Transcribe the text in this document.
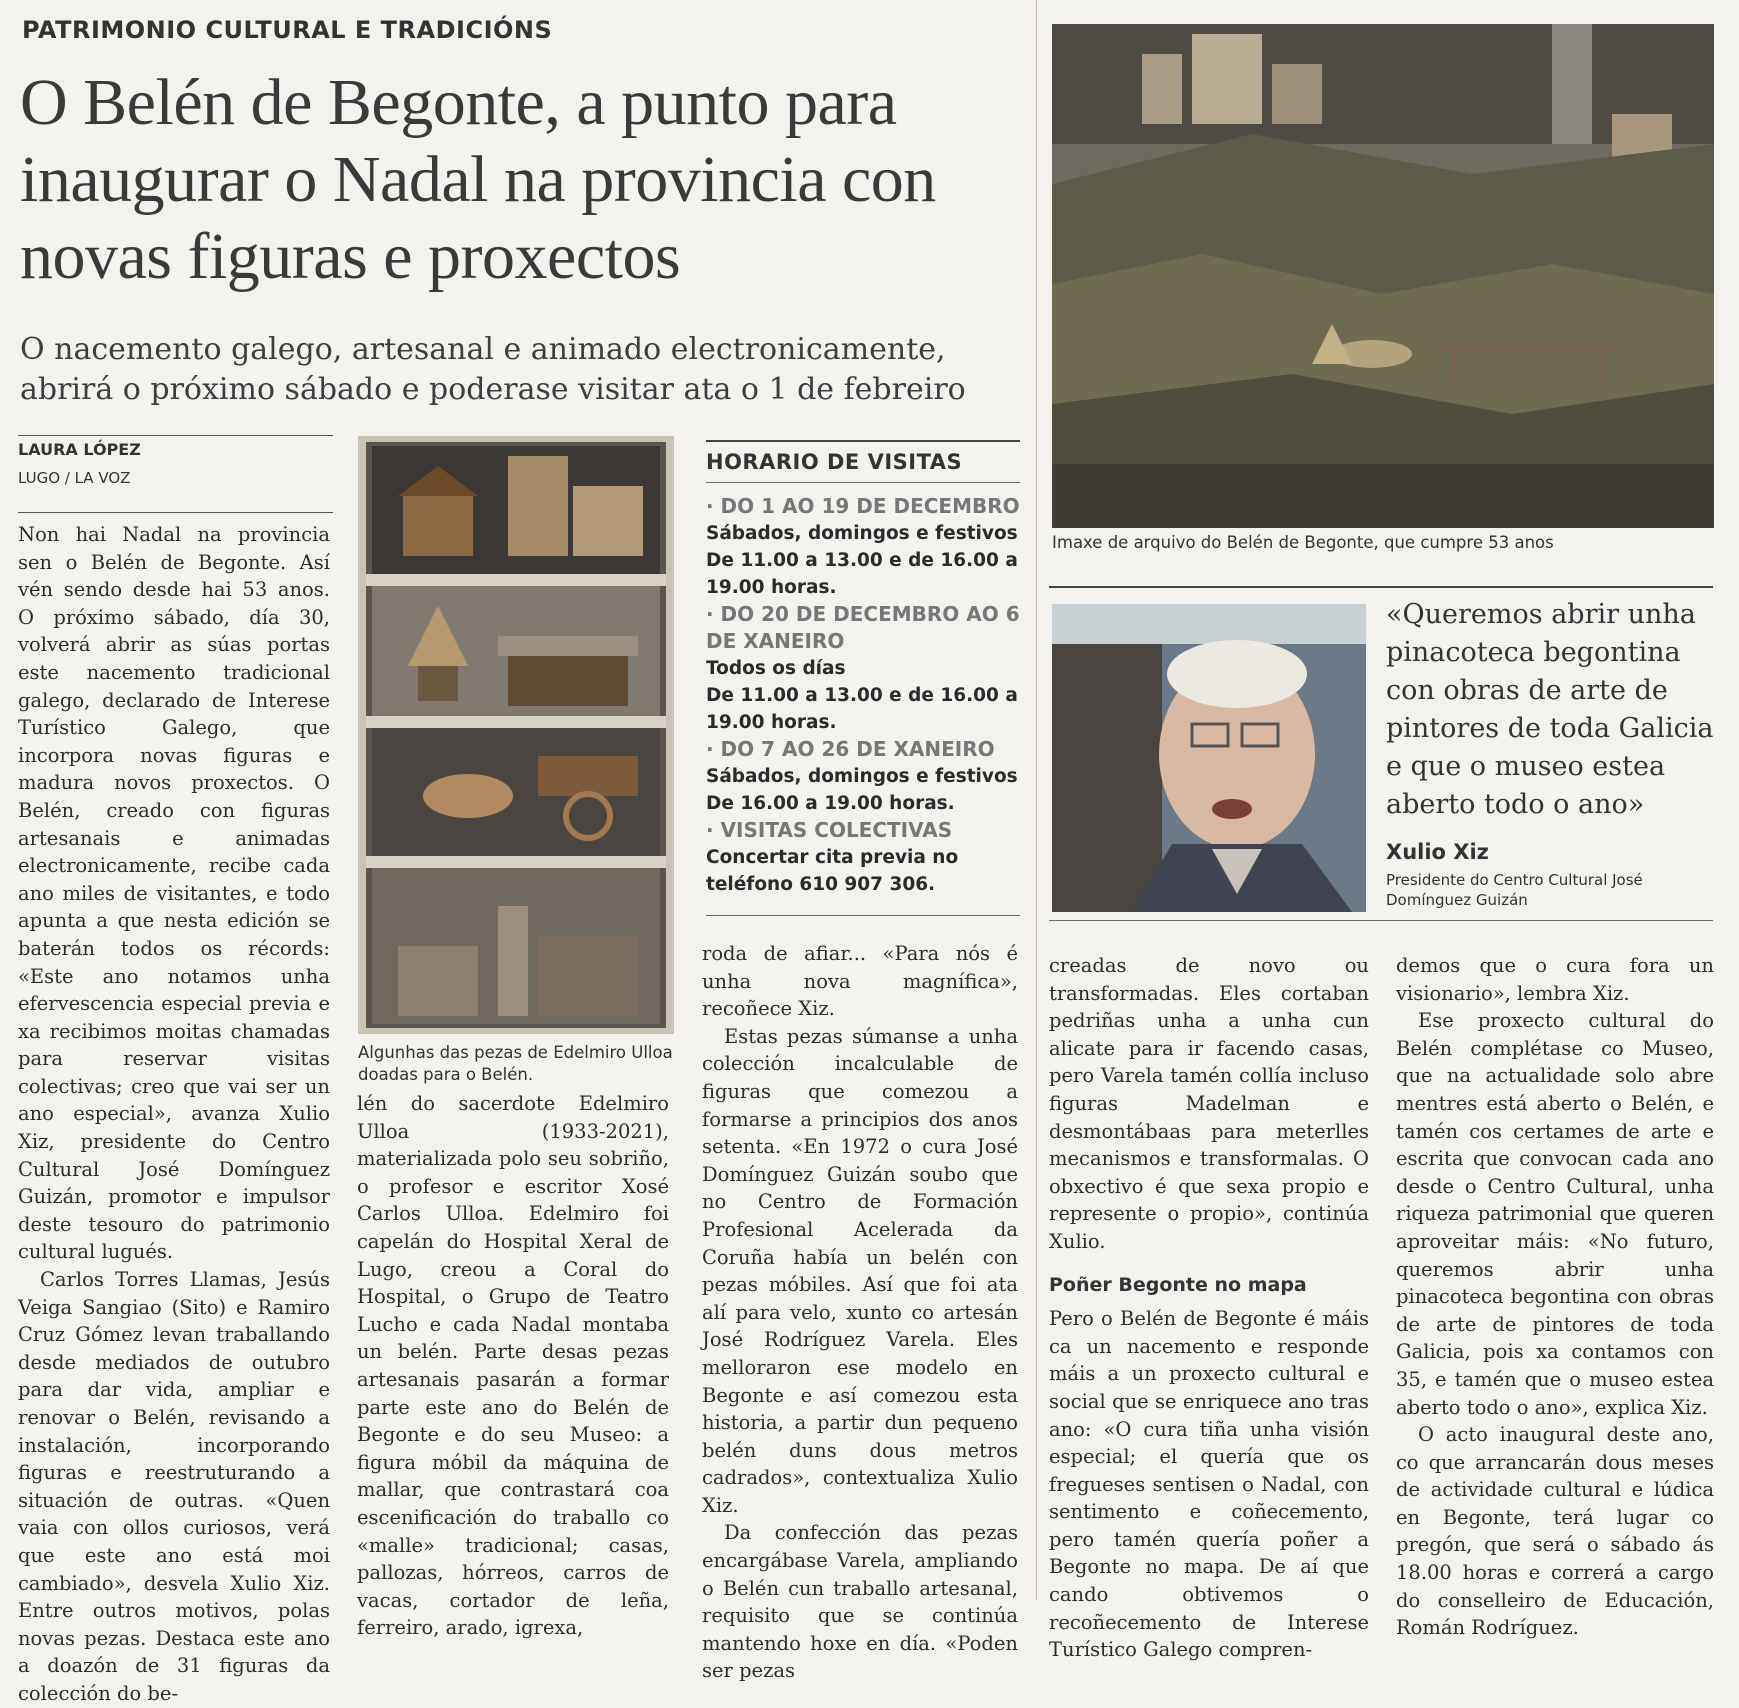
PATRIMONIO CULTURAL E TRADICIÓNS
O Belén de Begonte, a punto para inaugurar o Nadal na provincia con novas figuras e proxectos
O nacemento galego, artesanal e animado electronicamente, abrirá o próximo sábado e poderase visitar ata o 1 de febreiro
LAURA LÓPEZ
LUGO / LA VOZ

Non hai Nadal na provincia sen o Belén de Begonte. Así vén sendo desde hai 53 anos. O próximo sábado, día 30, volverá abrir as súas portas este nacemento tradicional galego, declarado de Interese Turístico Galego, que incorpora novas figuras e madura novos proxectos. O Belén, creado con figuras artesanais e animadas electronicamente, recibe cada ano miles de visitantes, e todo apunta a que nesta edición se baterán todos os récords: «Este ano notamos unha efervescencia especial previa e xa recibimos moitas chamadas para reservar visitas colectivas; creo que vai ser un ano especial», avanza Xulio Xiz, presidente do Centro Cultural José Domínguez Guizán, promotor e impulsor deste tesouro do patrimonio cultural lugués.

Carlos Torres Llamas, Jesús Veiga Sangiao (Sito) e Ramiro Cruz Gómez levan traballando desde mediados de outubro para dar vida, ampliar e renovar o Belén, revisando a instalación, incorporando figuras e reestruturando a situación de outras. «Quen vaia con ollos curiosos, verá que este ano está moi cambiado», desvela Xulio Xiz. Entre outros motivos, polas novas pezas. Destaca este ano a doazón de 31 figuras da colección do be-

Algunhas das pezas de Edelmiro Ulloa doadas para o Belén.
HORARIO DE VISITAS
· DO 1 AO 19 DE DECEMBRO
Sábados, domingos e festivos
De 11.00 a 13.00 e de 16.00 a 19.00 horas.
· DO 20 DE DECEMBRO AO 6 DE XANEIRO
Todos os días
De 11.00 a 13.00 e de 16.00 a 19.00 horas.
· DO 7 AO 26 DE XANEIRO
Sábados, domingos e festivos
De 16.00 a 19.00 horas.
· VISITAS COLECTIVAS
Concertar cita previa no teléfono 610 907 306.

lén do sacerdote Edelmiro Ulloa (1933-2021), materializada polo seu sobriño, o profesor e escritor Xosé Carlos Ulloa. Edelmiro foi capelán do Hospital Xeral de Lugo, creou a Coral do Hospital, o Grupo de Teatro Lucho e cada Nadal montaba un belén. Parte desas pezas artesanais pasarán a formar parte este ano do Belén de Begonte e do seu Museo: a figura móbil da máquina de mallar, que contrastará coa escenificación do traballo co «malle» tradicional; casas, pallozas, hórreos, carros de vacas, cortador de leña, ferreiro, arado, igrexa,

roda de afiar... «Para nós é unha nova magnífica», recoñece Xiz.

Estas pezas súmanse a unha colección incalculable de figuras que comezou a formarse a principios dos anos setenta. «En 1972 o cura José Domínguez Guizán soubo que no Centro de Formación Profesional Acelerada da Coruña había un belén con pezas móbiles. Así que foi ata alí para velo, xunto co artesán José Rodríguez Varela. Eles melloraron ese modelo en Begonte e así comezou esta historia, a partir dun pequeno belén duns dous metros cadrados», contextualiza Xulio Xiz.

Da confección das pezas encargábase Varela, ampliando o Belén cun traballo artesanal, requisito que se continúa mantendo hoxe en día. «Poden ser pezas

Imaxe de arquivo do Belén de Begonte, que cumpre 53 anos
«Queremos abrir unha pinacoteca begontina con obras de arte de pintores de toda Galicia e que o museo estea aberto todo o ano»
Xulio Xiz
Presidente do Centro Cultural José Domínguez Guizán

creadas de novo ou transformadas. Eles cortaban pedriñas unha a unha cun alicate para ir facendo casas, pero Varela tamén collía incluso figuras Madelman e desmontábaas para meterlles mecanismos e transformalas. O obxectivo é que sexa propio e represente o propio», continúa Xulio.

Poñer Begonte no mapa

Pero o Belén de Begonte é máis ca un nacemento e responde máis a un proxecto cultural e social que se enriquece ano tras ano: «O cura tiña unha visión especial; el quería que os fregueses sentisen o Nadal, con sentimento e coñecemento, pero tamén quería poñer a Begonte no mapa. De aí que cando obtivemos o recoñecemento de Interese Turístico Galego compren-

demos que o cura fora un visionario», lembra Xiz.

Ese proxecto cultural do Belén complétase co Museo, que na actualidade solo abre mentres está aberto o Belén, e tamén cos certames de arte e escrita que convocan cada ano desde o Centro Cultural, unha riqueza patrimonial que queren aproveitar máis: «No futuro, queremos abrir unha pinacoteca begontina con obras de arte de pintores de toda Galicia, pois xa contamos con 35, e tamén que o museo estea aberto todo o ano», explica Xiz.

O acto inaugural deste ano, co que arrancarán dous meses de actividade cultural e lúdica en Begonte, terá lugar co pregón, que será o sábado ás 18.00 horas e correrá a cargo do conselleiro de Educación, Román Rodríguez.
